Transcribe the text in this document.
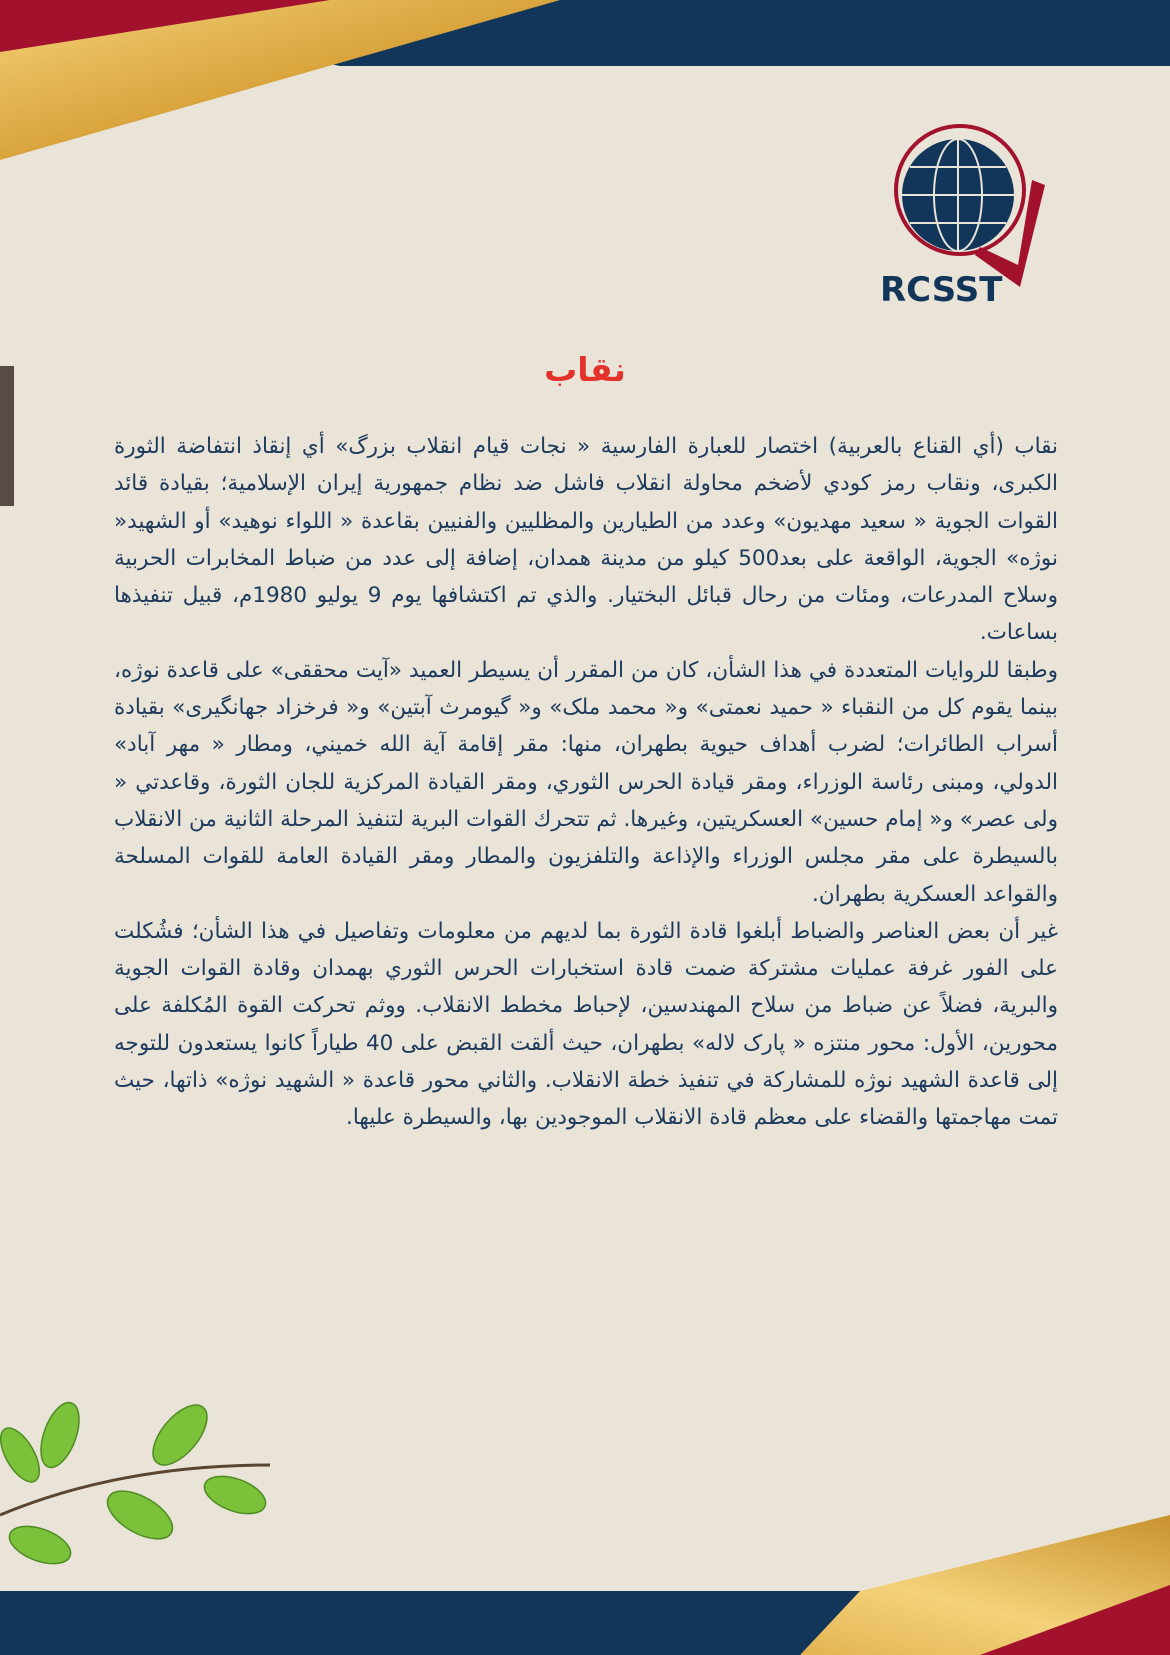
RCSST
نقاب

نقاب (أي القناع بالعربية) اختصار للعبارة الفارسية « نجات قيام انقلاب بزرگ» أي إنقاذ انتفاضة الثورة الكبرى، ونقاب رمز كودي لأضخم محاولة انقلاب فاشل ضد نظام جمهورية إيران الإسلامية؛ بقيادة قائد القوات الجوية « سعيد مهديون» وعدد من الطيارين والمظليين والفنيين بقاعدة « اللواء نوهيد» أو الشهيد« نوژه» الجوية، الواقعة على بعد500 كيلو من مدينة همدان، إضافة إلى عدد من ضباط المخابرات الحربية وسلاح المدرعات، ومئات من رحال قبائل البختيار. والذي تم اكتشافها يوم 9 يوليو 1980م، قبيل تنفيذها بساعات.

وطبقا للروايات المتعددة في هذا الشأن، كان من المقرر أن يسيطر العميد «آيت محققى» على قاعدة نوژه، بينما يقوم كل من النقباء « حميد نعمتى» و« محمد ملک» و« گيومرث آبتين» و« فرخزاد جهانگيرى» بقيادة أسراب الطائرات؛ لضرب أهداف حيوية بطهران، منها: مقر إقامة آية الله خميني، ومطار « مهر آباد» الدولي، ومبنى رئاسة الوزراء، ومقر قيادة الحرس الثوري، ومقر القيادة المركزية للجان الثورة، وقاعدتي « ولى عصر» و« إمام حسين» العسكريتين، وغيرها. ثم تتحرك القوات البرية لتنفيذ المرحلة الثانية من الانقلاب بالسيطرة على مقر مجلس الوزراء والإذاعة والتلفزيون والمطار ومقر القيادة العامة للقوات المسلحة والقواعد العسكرية بطهران.

غير أن بعض العناصر والضباط أبلغوا قادة الثورة بما لديهم من معلومات وتفاصيل في هذا الشأن؛ فشُكلت على الفور غرفة عمليات مشتركة ضمت قادة استخبارات الحرس الثوري بهمدان وقادة القوات الجوية والبرية، فضلاً عن ضباط من سلاح المهندسين، لإحباط مخطط الانقلاب. ووثم تحركت القوة المُكلفة على محورين، الأول: محور منتزه « پارک لاله» بطهران، حيث ألقت القبض على 40 طياراً كانوا يستعدون للتوجه إلى قاعدة الشهيد نوژه للمشاركة في تنفيذ خطة الانقلاب. والثاني محور قاعدة « الشهيد نوژه» ذاتها، حيث تمت مهاجمتها والقضاء على معظم قادة الانقلاب الموجودين بها، والسيطرة عليها.
